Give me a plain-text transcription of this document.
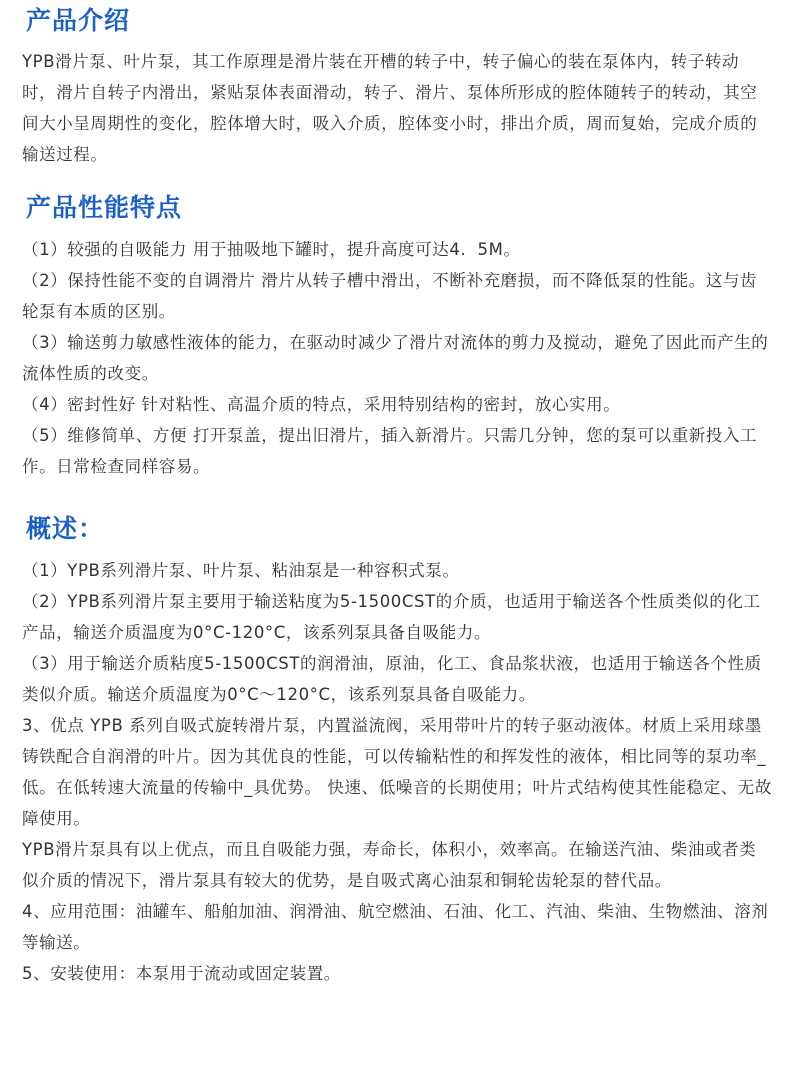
产品介绍

YPB滑片泵、叶片泵，其工作原理是滑片装在开槽的转子中，转子偏心的装在泵体内，转子转动时，滑片自转子内滑出，紧贴泵体表面滑动，转子、滑片、泵体所形成的腔体随转子的转动，其空间大小呈周期性的变化，腔体增大时，吸入介质，腔体变小时，排出介质，周而复始，完成介质的输送过程。

产品性能特点

（1）较强的自吸能力 用于抽吸地下罐时，提升高度可达4．5M。

（2）保持性能不变的自调滑片 滑片从转子槽中滑出，不断补充磨损，而不降低泵的性能。这与齿轮泵有本质的区别。

（3）输送剪力敏感性液体的能力，在驱动时减少了滑片对流体的剪力及搅动，避免了因此而产生的流体性质的改变。

（4）密封性好 针对粘性、高温介质的特点，采用特别结构的密封，放心实用。

（5）维修简单、方便 打开泵盖，提出旧滑片，插入新滑片。只需几分钟，您的泵可以重新投入工作。日常检查同样容易。

概述：

（1）YPB系列滑片泵、叶片泵、粘油泵是一种容积式泵。

（2）YPB系列滑片泵主要用于输送粘度为5-1500CST的介质，也适用于输送各个性质类似的化工产品，输送介质温度为0°C-120°C，该系列泵具备自吸能力。

（3）用于输送介质粘度5-1500CST的润滑油，原油，化工、食品浆状液，也适用于输送各个性质类似介质。输送介质温度为0°C～120°C，该系列泵具备自吸能力。

3、优点 YPB 系列自吸式旋转滑片泵，内置溢流阀，采用带叶片的转子驱动液体。材质上采用球墨铸铁配合自润滑的叶片。因为其优良的性能，可以传输粘性的和挥发性的液体，相比同等的泵功率_低。在低转速大流量的传输中_具优势。 快速、低噪音的长期使用；叶片式结构使其性能稳定、无故障使用。

YPB滑片泵具有以上优点，而且自吸能力强，寿命长，体积小，效率高。在输送汽油、柴油或者类似介质的情况下，滑片泵具有较大的优势，是自吸式离心油泵和铜轮齿轮泵的替代品。

4、应用范围：油罐车、船舶加油、润滑油、航空燃油、石油、化工、汽油、柴油、生物燃油、溶剂等输送。

5、安装使用：本泵用于流动或固定装置。
